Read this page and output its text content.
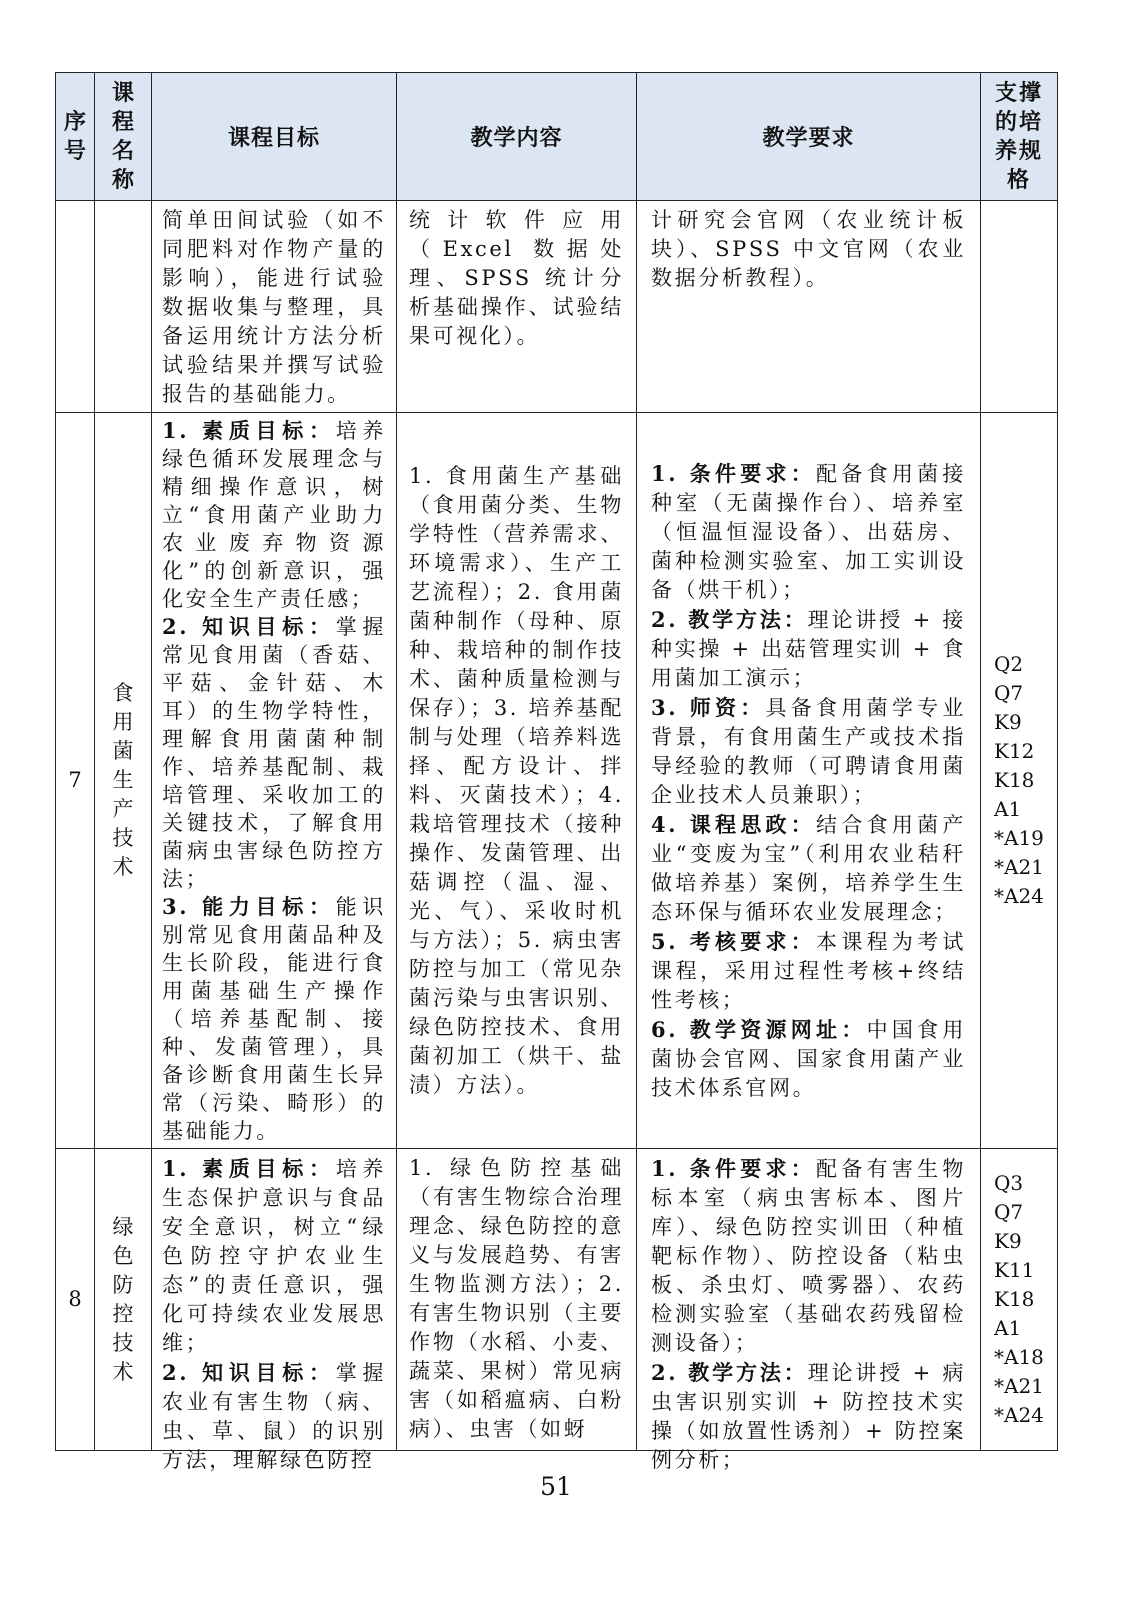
序号
课程名称
课程目标	教学内容	教学要求
支撑的培养规格

简单田间试验（如不同肥料对作物产量的影响），能进行试验数据收集与整理，具备运用统计方法分析试验结果并撰写试验报告的基础能力。

统计软件应用（Excel 数据处理、SPSS 统计分析基础操作、试验结果可视化）。

计研究会官网（农业统计板块）、SPSS 中文官网（农业数据分析教程）。

7
食用菌生产技术

1. 素质目标：培养绿色循环发展理念与精细操作意识，树立“食用菌产业助力农业废弃物资源化”的创新意识，强化安全生产责任感；

2. 知识目标：掌握常见食用菌（香菇、平菇、金针菇、木耳）的生物学特性，理解食用菌菌种制作、培养基配制、栽培管理、采收加工的关键技术，了解食用菌病虫害绿色防控方法；

3. 能力目标：能识别常见食用菌品种及生长阶段，能进行食用菌基础生产操作（培养基配制、接种、发菌管理），具备诊断食用菌生长异常（污染、畸形）的基础能力。

1. 食用菌生产基础（食用菌分类、生物学特性（营养需求、环境需求）、生产工艺流程）；2. 食用菌菌种制作（母种、原种、栽培种的制作技术、菌种质量检测与保存）；3. 培养基配制与处理（培养料选择、配方设计、拌料、灭菌技术）；4. 栽培管理技术（接种操作、发菌管理、出菇调控（温、湿、光、气）、采收时机与方法）；5. 病虫害防控与加工（常见杂菌污染与虫害识别、绿色防控技术、食用菌初加工（烘干、盐渍）方法）。

1. 条件要求：配备食用菌接种室（无菌操作台）、培养室（恒温恒湿设备）、出菇房、菌种检测实验室、加工实训设备（烘干机）；

2. 教学方法：理论讲授 + 接种实操 + 出菇管理实训 + 食用菌加工演示；

3. 师资：具备食用菌学专业背景，有食用菌生产或技术指导经验的教师（可聘请食用菌企业技术人员兼职）；

4. 课程思政：结合食用菌产业“变废为宝”（利用农业秸秆做培养基）案例，培养学生生态环保与循环农业发展理念；

5. 考核要求：本课程为考试课程，采用过程性考核+终结性考核；

6. 教学资源网址：中国食用菌协会官网、国家食用菌产业技术体系官网。

Q2
Q7
K9
K12
K18
A1
*A19
*A21
*A24
8
绿色防控技术

1. 素质目标：培养生态保护意识与食品安全意识，树立“绿色防控守护农业生态”的责任意识，强化可持续农业发展思维；

2. 知识目标：掌握农业有害生物（病、虫、草、鼠）的识别方法，理解绿色防控

1. 绿色防控基础（有害生物综合治理理念、绿色防控的意义与发展趋势、有害生物监测方法）；2. 有害生物识别（主要作物（水稻、小麦、蔬菜、果树）常见病害（如稻瘟病、白粉病）、虫害（如蚜

1. 条件要求：配备有害生物标本室（病虫害标本、图片库）、绿色防控实训田（种植靶标作物）、防控设备（粘虫板、杀虫灯、喷雾器）、农药检测实验室（基础农药残留检测设备）；

2. 教学方法：理论讲授 + 病虫害识别实训 + 防控技术实操（如放置性诱剂）+ 防控案例分析；

Q3
Q7
K9
K11
K18
A1
*A18
*A21
*A24
51
